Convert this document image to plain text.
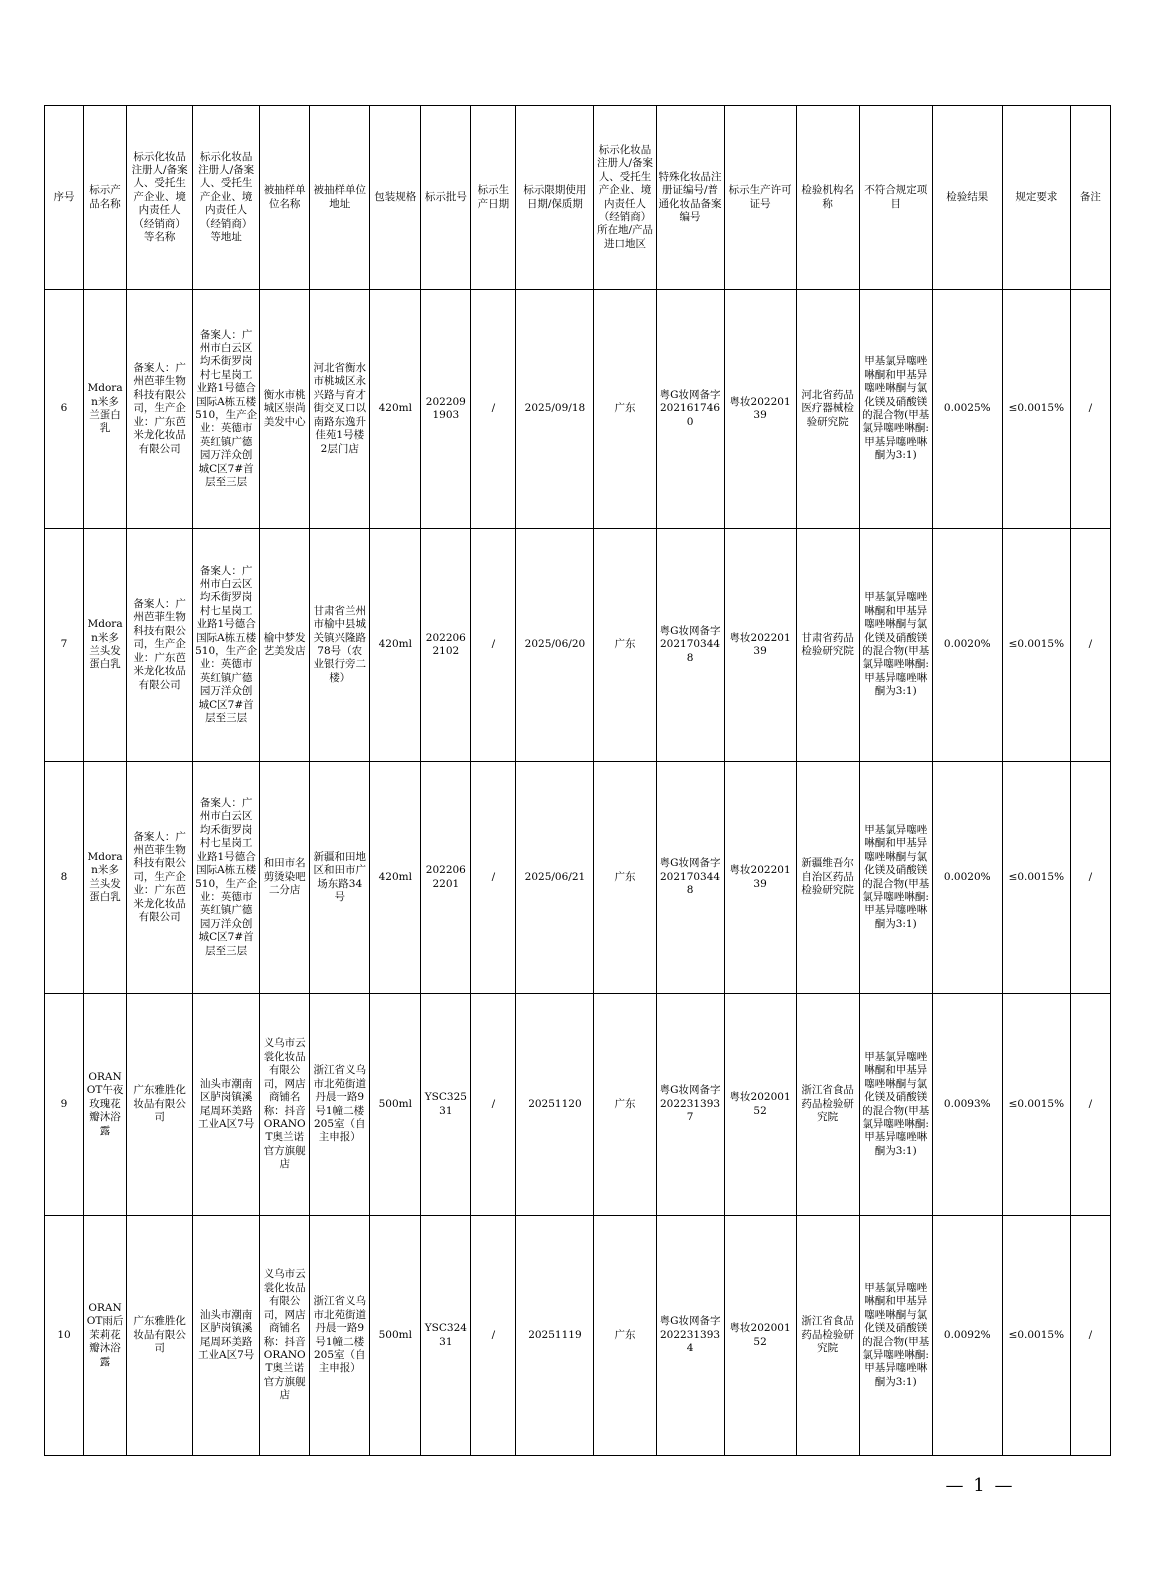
序号	标示产品名称	标示化妆品注册人/备案人、受托生产企业、境内责任人（经销商）等名称	标示化妆品注册人/备案人、受托生产企业、境内责任人（经销商）等地址	被抽样单位名称	被抽样单位地址	包装规格	标示批号	标示生产日期	标示限期使用日期/保质期	标示化妆品注册人/备案人、受托生产企业、境内责任人（经销商）所在地/产品进口地区	特殊化妆品注册证编号/普通化妆品备案编号	标示生产许可证号	检验机构名称	不符合规定项目	检验结果	规定要求	备注
6	Mdoran米多兰蛋白乳	备案人：广州芭菲生物科技有限公司，生产企业：广东芭米龙化妆品有限公司	备案人：广州市白云区均禾街罗岗村七星岗工业路1号德合国际A栋五楼510，生产企业：英德市英红镇广德园万洋众创城C区7#首层至三层	衡水市桃城区崇尚美发中心	河北省衡水市桃城区永兴路与育才街交叉口以南路东逸升佳苑1号楼2层门店	420ml	2022091903	/	2025/09/18	广东	粤G妆网备字2021617460	粤妆20220139	河北省药品医疗器械检验研究院	甲基氯异噻唑啉酮和甲基异噻唑啉酮与氯化镁及硝酸镁的混合物(甲基氯异噻唑啉酮:甲基异噻唑啉酮为3:1)	0.0025%	≤0.0015%	/
7	Mdoran米多兰头发蛋白乳	备案人：广州芭菲生物科技有限公司，生产企业：广东芭米龙化妆品有限公司	备案人：广州市白云区均禾街罗岗村七星岗工业路1号德合国际A栋五楼510，生产企业：英德市英红镇广德园万洋众创城C区7#首层至三层	榆中梦发艺美发店	甘肃省兰州市榆中县城关镇兴隆路78号（农业银行旁二楼）	420ml	2022062102	/	2025/06/20	广东	粤G妆网备字2021703448	粤妆20220139	甘肃省药品检验研究院	甲基氯异噻唑啉酮和甲基异噻唑啉酮与氯化镁及硝酸镁的混合物(甲基氯异噻唑啉酮:甲基异噻唑啉酮为3:1)	0.0020%	≤0.0015%	/
8	Mdoran米多兰头发蛋白乳	备案人：广州芭菲生物科技有限公司，生产企业：广东芭米龙化妆品有限公司	备案人：广州市白云区均禾街罗岗村七星岗工业路1号德合国际A栋五楼510，生产企业：英德市英红镇广德园万洋众创城C区7#首层至三层	和田市名剪烫染吧二分店	新疆和田地区和田市广场东路34号	420ml	2022062201	/	2025/06/21	广东	粤G妆网备字2021703448	粤妆20220139	新疆维吾尔自治区药品检验研究院	甲基氯异噻唑啉酮和甲基异噻唑啉酮与氯化镁及硝酸镁的混合物(甲基氯异噻唑啉酮:甲基异噻唑啉酮为3:1)	0.0020%	≤0.0015%	/
9	ORANOT午夜玫瑰花瓣沐浴露	广东雅胜化妆品有限公司	汕头市潮南区胪岗镇溪尾周环美路工业A区7号	义乌市云裳化妆品有限公司，网店商铺名称：抖音ORANOT奥兰诺官方旗舰店	浙江省义乌市北苑街道丹晨一路9号1幢二楼205室（自主申报）	500ml	YSC32531	/	20251120	广东	粤G妆网备字2022313937	粤妆20200152	浙江省食品药品检验研究院	甲基氯异噻唑啉酮和甲基异噻唑啉酮与氯化镁及硝酸镁的混合物(甲基氯异噻唑啉酮:甲基异噻唑啉酮为3:1)	0.0093%	≤0.0015%	/
10	ORANOT雨后茉莉花瓣沐浴露	广东雅胜化妆品有限公司	汕头市潮南区胪岗镇溪尾周环美路工业A区7号	义乌市云裳化妆品有限公司，网店商铺名称：抖音ORANOT奥兰诺官方旗舰店	浙江省义乌市北苑街道丹晨一路9号1幢二楼205室（自主申报）	500ml	YSC32431	/	20251119	广东	粤G妆网备字2022313934	粤妆20200152	浙江省食品药品检验研究院	甲基氯异噻唑啉酮和甲基异噻唑啉酮与氯化镁及硝酸镁的混合物(甲基氯异噻唑啉酮:甲基异噻唑啉酮为3:1)	0.0092%	≤0.0015%	/
— 1 —
